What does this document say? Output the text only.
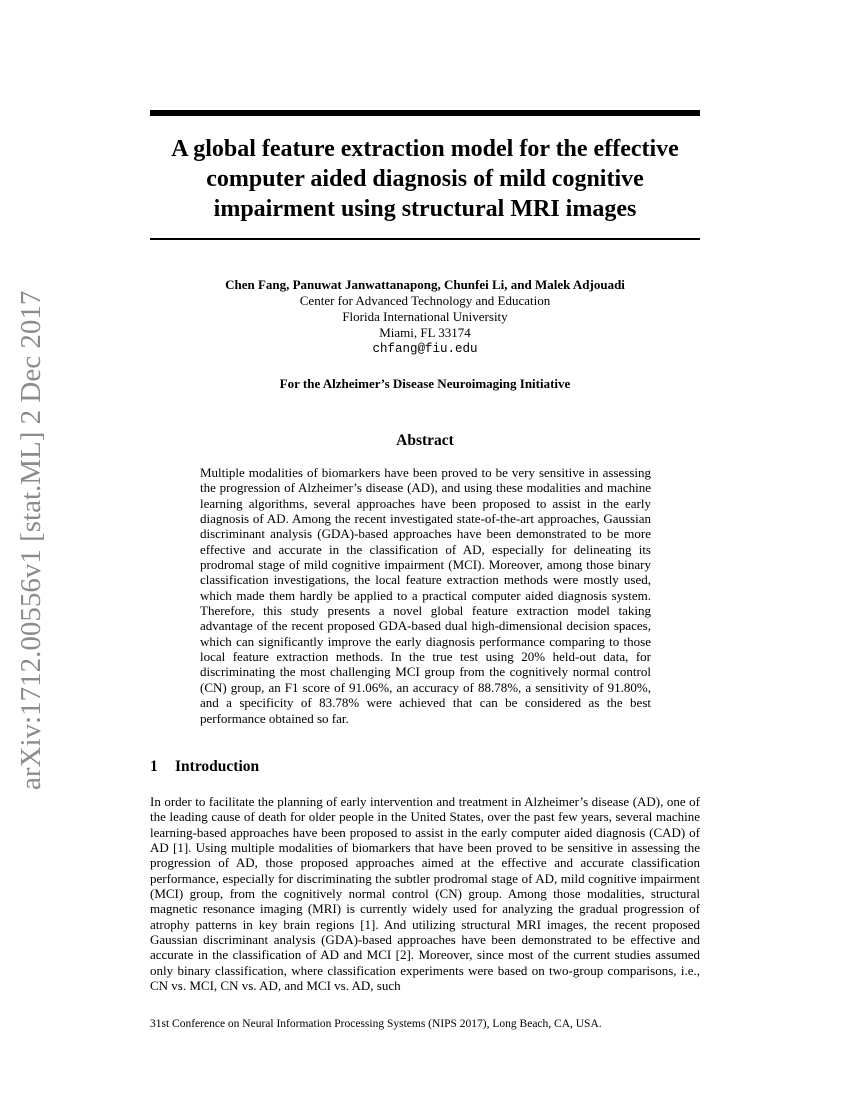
arXiv:1712.00556v1 [stat.ML] 2 Dec 2017
A global feature extraction model for the effective computer aided diagnosis of mild cognitive impairment using structural MRI images
Chen Fang, Panuwat Janwattanapong, Chunfei Li, and Malek Adjouadi
Center for Advanced Technology and Education
Florida International University
Miami, FL 33174
chfang@fiu.edu
For the Alzheimer’s Disease Neuroimaging Initiative
Abstract
Multiple modalities of biomarkers have been proved to be very sensitive in assessing the progression of Alzheimer’s disease (AD), and using these modalities and machine learning algorithms, several approaches have been proposed to assist in the early diagnosis of AD. Among the recent investigated state-of-the-art approaches, Gaussian discriminant analysis (GDA)-based approaches have been demonstrated to be more effective and accurate in the classification of AD, especially for delineating its prodromal stage of mild cognitive impairment (MCI). Moreover, among those binary classification investigations, the local feature extraction methods were mostly used, which made them hardly be applied to a practical computer aided diagnosis system. Therefore, this study presents a novel global feature extraction model taking advantage of the recent proposed GDA-based dual high-dimensional decision spaces, which can significantly improve the early diagnosis performance comparing to those local feature extraction methods. In the true test using 20% held-out data, for discriminating the most challenging MCI group from the cognitively normal control (CN) group, an F1 score of 91.06%, an accuracy of 88.78%, a sensitivity of 91.80%, and a specificity of 83.78% were achieved that can be considered as the best performance obtained so far.
1 Introduction
In order to facilitate the planning of early intervention and treatment in Alzheimer’s disease (AD), one of the leading cause of death for older people in the United States, over the past few years, several machine learning-based approaches have been proposed to assist in the early computer aided diagnosis (CAD) of AD [1]. Using multiple modalities of biomarkers that have been proved to be sensitive in assessing the progression of AD, those proposed approaches aimed at the effective and accurate classification performance, especially for discriminating the subtler prodromal stage of AD, mild cognitive impairment (MCI) group, from the cognitively normal control (CN) group. Among those modalities, structural magnetic resonance imaging (MRI) is currently widely used for analyzing the gradual progression of atrophy patterns in key brain regions [1]. And utilizing structural MRI images, the recent proposed Gaussian discriminant analysis (GDA)-based approaches have been demonstrated to be effective and accurate in the classification of AD and MCI [2]. Moreover, since most of the current studies assumed only binary classification, where classification experiments were based on two-group comparisons, i.e., CN vs. MCI, CN vs. AD, and MCI vs. AD, such
31st Conference on Neural Information Processing Systems (NIPS 2017), Long Beach, CA, USA.
